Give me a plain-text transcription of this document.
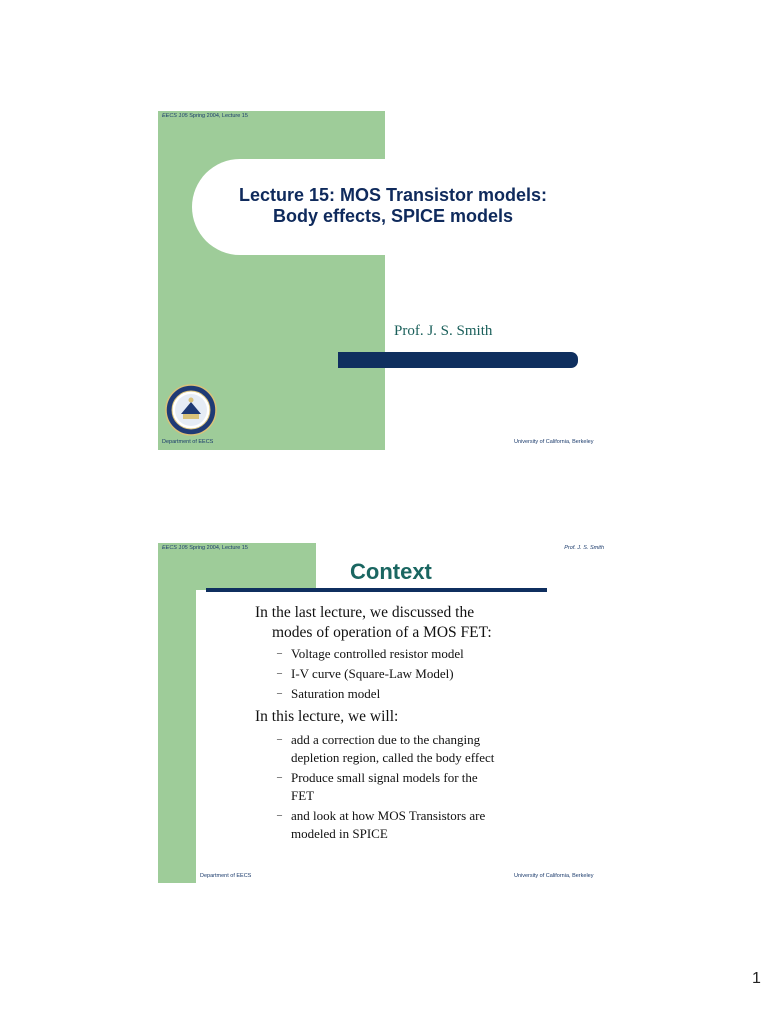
EECS 105 Spring 2004, Lecture 15
Lecture 15: MOS Transistor models:
Body effects, SPICE models
Prof. J. S. Smith
Department of EECS	University of California, Berkeley
EECS 105 Spring 2004, Lecture 15	Prof. J. S. Smith
Context

In the last lecture, we discussed the
modes of operation of a MOS FET:

– Voltage controlled resistor model

– I-V curve (Square-Law Model)

– Saturation model

In this lecture, we will:

– add a correction due to the changing
depletion region, called the body effect

– Produce small signal models for the
FET

– and look at how MOS Transistors are
modeled in SPICE

Department of EECS	University of California, Berkeley
1
